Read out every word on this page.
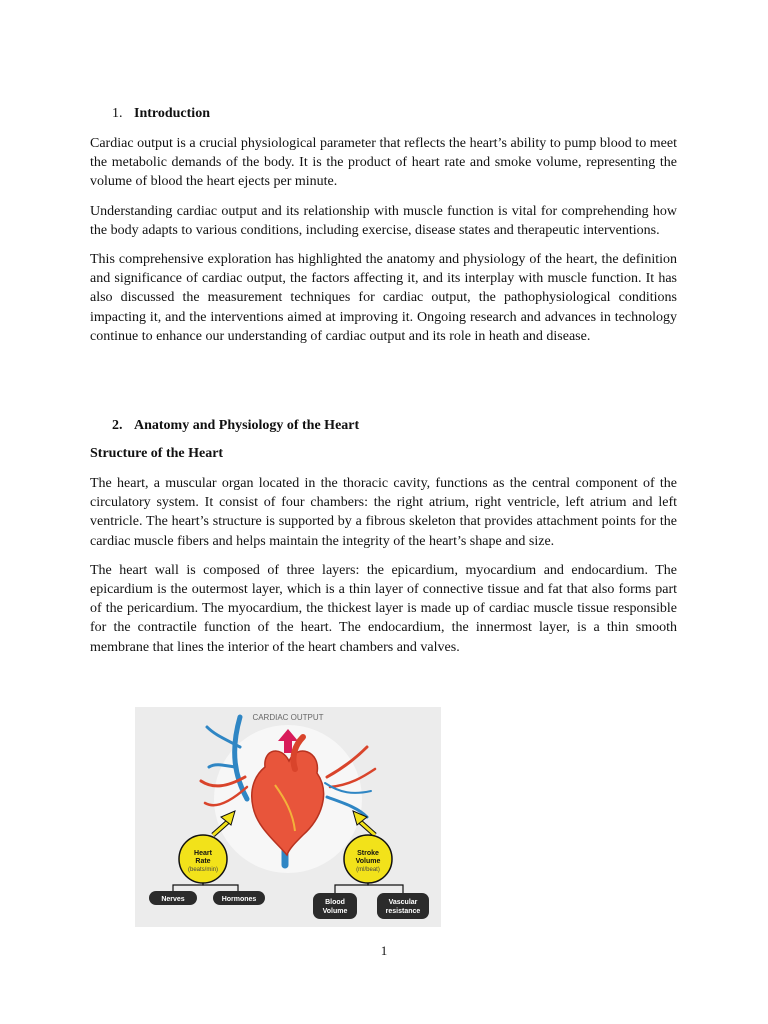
1. Introduction

Cardiac output is a crucial physiological parameter that reflects the heart’s ability to pump blood to meet the metabolic demands of the body. It is the product of heart rate and smoke volume, representing the volume of blood the heart ejects per minute.

Understanding cardiac output and its relationship with muscle function is vital for comprehending how the body adapts to various conditions, including exercise, disease states and therapeutic interventions.

This comprehensive exploration has highlighted the anatomy and physiology of the heart, the definition and significance of cardiac output, the factors affecting it, and its interplay with muscle function. It has also discussed the measurement techniques for cardiac output, the pathophysiological conditions impacting it, and the interventions aimed at improving it. Ongoing research and advances in technology continue to enhance our understanding of cardiac output and its role in heath and disease.

2. Anatomy and Physiology of the Heart
Structure of the Heart

The heart, a muscular organ located in the thoracic cavity, functions as the central component of the circulatory system. It consist of four chambers: the right atrium, right ventricle, left atrium and left ventricle. The heart’s structure is supported by a fibrous skeleton that provides attachment points for the cardiac muscle fibers and helps maintain the integrity of the heart’s shape and size.

The heart wall is composed of three layers: the epicardium, myocardium and endocardium. The epicardium is the outermost layer, which is a thin layer of connective tissue and fat that also forms part of the pericardium. The myocardium, the thickest layer is made up of cardiac muscle tissue responsible for the contractile function of the heart. The endocardium, the innermost layer, is a thin smooth membrane that lines the interior of the heart chambers and valves.

CARDIAC OUTPUT
Heart
Rate
(beats/min)
Stroke
Volume
(ml/beat)
Nerves	Hormones	Blood
Volume
Vascular
resistance
1
